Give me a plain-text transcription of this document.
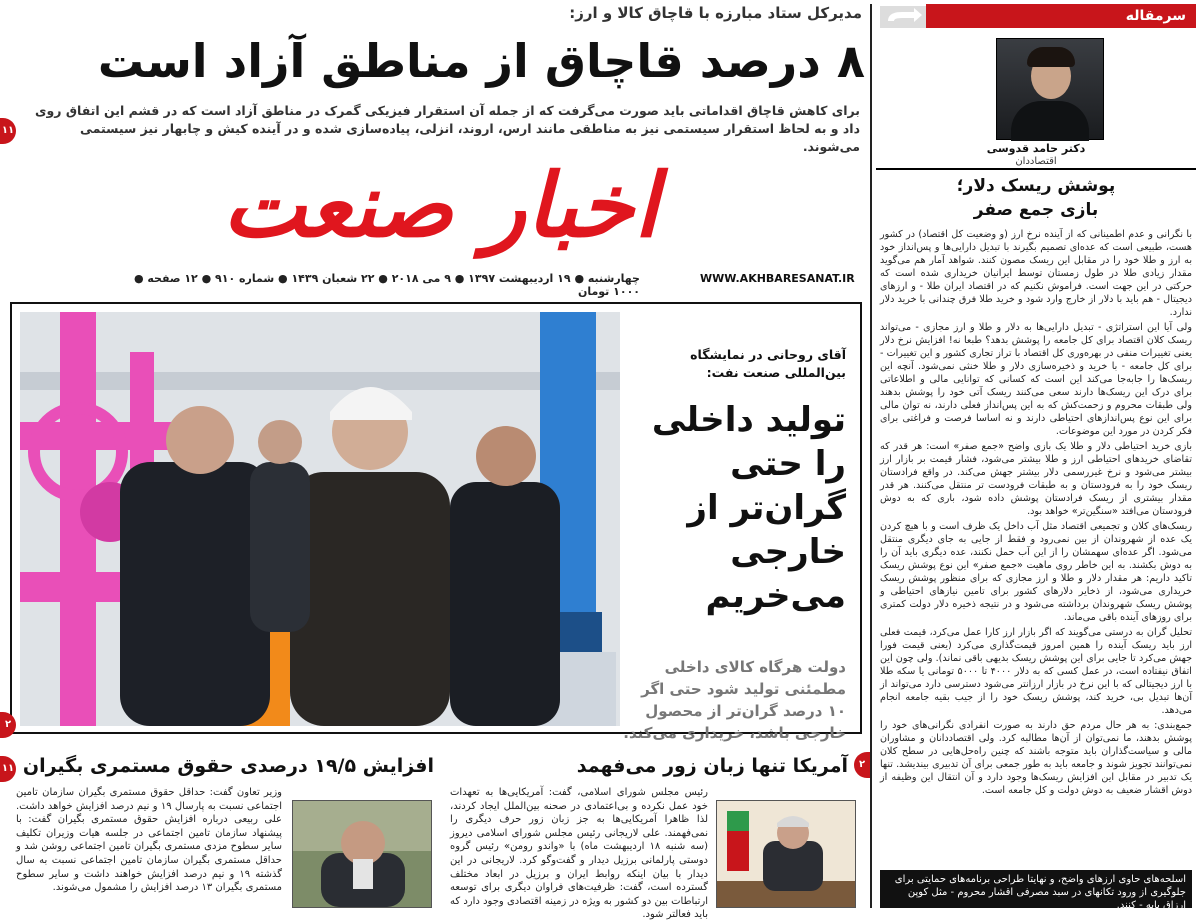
سرمقاله
دکتر حامد قدوسی
اقتصاددان
پوشش ریسک دلار؛
بازی جمع صفر

با نگرانی و عدم اطمینانی که از آینده نرخ ارز (و وضعیت کل اقتصاد) در کشور هست، طبیعی است که عده‌ای تصمیم بگیرند با تبدیل دارایی‌ها و پس‌انداز خود به ارز و طلا خود را در مقابل این ریسک مصون کنند. شواهد آمار هم می‌گوید مقدار زیادی طلا در طول زمستان توسط ایرانیان خریداری شده است که حرکتی در این جهت است. فراموش نکنیم که در اقتصاد ایران طلا - و ارزهای دیجیتال - هم باید با دلار از خارج وارد شود و خرید طلا فرق چندانی با خرید دلار ندارد.

ولی آیا این استراتژی - تبدیل دارایی‌ها به دلار و طلا و ارز مجازی - می‌تواند ریسک کلان اقتصاد برای کل جامعه را پوشش بدهد؟ طبعا نه! افزایش نرخ دلار یعنی تغییرات منفی در بهره‌وری کل اقتصاد با تراز تجاری کشور و این تغییرات - برای کل جامعه - با خرید و ذخیره‌سازی دلار و طلا خنثی نمی‌شود. آنچه این ریسک‌ها را جابه‌جا می‌کند این است که کسانی که توانایی مالی و اطلاعاتی برای درک این ریسک‌ها دارند سعی می‌کنند ریسک آتی خود را پوشش بدهند ولی طبقات محروم و زحمت‌کش که به این پس‌انداز فعلی دارند، نه توان مالی برای این نوع پس‌اندازهای احتیاطی دارند و نه اساسا فرصت و فراغتی برای فکر کردن در مورد این موضوعات.

بازی خرید احتیاطی دلار و طلا یک بازی واضح «جمع صفر» است: هر قدر که تقاضای خریدهای احتیاطی ارز و طلا بیشتر می‌شود، فشار قیمت بر بازار ارز بیشتر می‌شود و نرخ غیررسمی دلار بیشتر جهش می‌کند. در واقع فرادستان ریسک خود را به فرودستان و به طبقات فرودست تر منتقل می‌کنند. هر قدر مقدار بیشتری از ریسک فرادستان پوشش داده شود، باری که به دوش فرودستان می‌افتد «سنگین‌تر» خواهد بود.

ریسک‌های کلان و تجمیعی اقتصاد مثل آب داخل یک ظرف است و با هیچ کردن یک عده از شهروندان از بین نمی‌رود و فقط از جایی به جای دیگری منتقل می‌شود. اگر عده‌ای سهمشان را از این آب حمل نکنند، عده دیگری باید آن را به دوش بکشند. به این خاطر روی ماهیت «جمع صفر» این نوع پوشش ریسک تاکید داریم: هر مقدار دلار و طلا و ارز مجازی که برای منظور پوشش ریسک خریداری می‌شود، از ذخایر دلارهای کشور برای تامین نیازهای احتیاطی و پوشش ریسک شهروندان برداشته می‌شود و در نتیجه ذخیره دلار دولت کمتری برای روزهای آینده باقی می‌ماند.

تحلیل گران به درستی می‌گویند که اگر بازار ارز کارا عمل می‌کرد، قیمت فعلی ارز باید ریسک آینده را همین امروز قیمت‌گذاری می‌کرد (یعنی قیمت فورا جهش می‌کرد تا جایی برای این پوشش ریسک بدیهی باقی نماند). ولی چون این اتفاق نیفتاده است، در عمل کسی که به دلار ۴۰۰۰ تا ۵۰۰۰ تومانی یا سکه طلا با ارز دیجیتالی که با این نرخ در بازار ارزانتر می‌شود دسترسی دارد می‌تواند از آن‌ها تبدیل بی، خرید کند، پوشش ریسک خود را از جیب بقیه جامعه انجام می‌دهد.

جمع‌بندی: به هر حال مردم حق دارند به صورت انفرادی نگرانی‌های خود را پوشش بدهند، ما نمی‌توان از آن‌ها مطالبه کرد. ولی اقتصاددانان و مشاوران مالی و سیاست‌گذاران باید متوجه باشند که چنین راه‌حل‌هایی در سطح کلان نمی‌توانند تجویز شوند و جامعه باید به طور جمعی برای آن تدبیری بیندیشد. تنها یک تدبیر در مقابل این افزایش ریسک‌ها وجود دارد و آن انتقال این وظیفه از دوش اقشار ضعیف به دوش دولت و کل جامعه است.

اسلحه‌های حاوی ارزهای واضح، و نهایتا طراحی برنامه‌های حمایتی برای جلوگیری از ورود تکانهای در سبد مصرفی اقشار محروم - مثل کوپن ارزاق پایه - کنند.
مدیرکل ستاد مبارزه با قاچاق کالا و ارز:
۸ درصد قاچاق از مناطق آزاد است
برای کاهش قاچاق اقداماتی باید صورت می‌گرفت که از جمله آن استقرار فیزیکی گمرک در مناطق آزاد است که در قشم این اتفاق روی داد و به لحاظ استقرار سیستمی نیز به مناطقی مانند ارس، اروند، انزلی، پیاده‌سازی شده و در آینده کیش و چابهار نیز سیستمی می‌شوند.
۱۱
اخبار صنعت
WWW.AKHBARESANAT.IR
چهارشنبه ● ۱۹ اردیبهشت ۱۳۹۷ ● ۹ می ۲۰۱۸ ● ۲۲ شعبان ۱۴۳۹ ● شماره ۹۱۰ ● ۱۲ صفحه ● ۱۰۰۰ تومان
آقای روحانی در نمایشگاه بین‌المللی صنعت نفت:
تولید داخلی را حتی گران‌تر از خارجی می‌خریم
دولت هرگاه کالای داخلی مطمئنی تولید شود حتی اگر ۱۰ درصد گران‌تر از محصول خارجی باشد، خریداری می‌کند.
۲
آمریکا تنها زبان زور می‌فهمد	۲
رئیس مجلس شورای اسلامی، گفت: آمریکایی‌ها به تعهدات خود عمل نکرده و بی‌اعتمادی در صحنه بین‌الملل ایجاد کردند، لذا ظاهرا آمریکایی‌ها به جز زبان زور حرف دیگری را نمی‌فهمند. علی لاریجانی رئیس مجلس شورای اسلامی دیروز (سه شنبه ۱۸ اردیبهشت ماه) با «واندو رومن» رئیس گروه دوستی پارلمانی برزیل دیدار و گفت‌وگو کرد. لاریجانی در این دیدار با بیان اینکه روابط ایران و برزیل در ابعاد مختلف گسترده است، گفت: ظرفیت‌های فراوان دیگری برای توسعه ارتباطات بین دو کشور به ویژه در زمینه اقتصادی وجود دارد که باید فعالتر شود.
افزایش ۱۹/۵ درصدی حقوق مستمری بگیران
۱۱
وزیر تعاون گفت: حداقل حقوق مستمری بگیران سازمان تامین اجتماعی نسبت به پارسال ۱۹ و نیم درصد افزایش خواهد داشت. علی ربیعی درباره افزایش حقوق مستمری بگیران گفت: با پیشنهاد سازمان تامین اجتماعی در جلسه هیات وزیران تکلیف سایر سطوح مزدی مستمری بگیران تامین اجتماعی روشن شد و حداقل مستمری بگیران سازمان تامین اجتماعی نسبت به سال گذشته ۱۹ و نیم درصد افزایش خواهند داشت و سایر سطوح مستمری بگیران ۱۳ درصد افزایش را مشمول می‌شوند.
